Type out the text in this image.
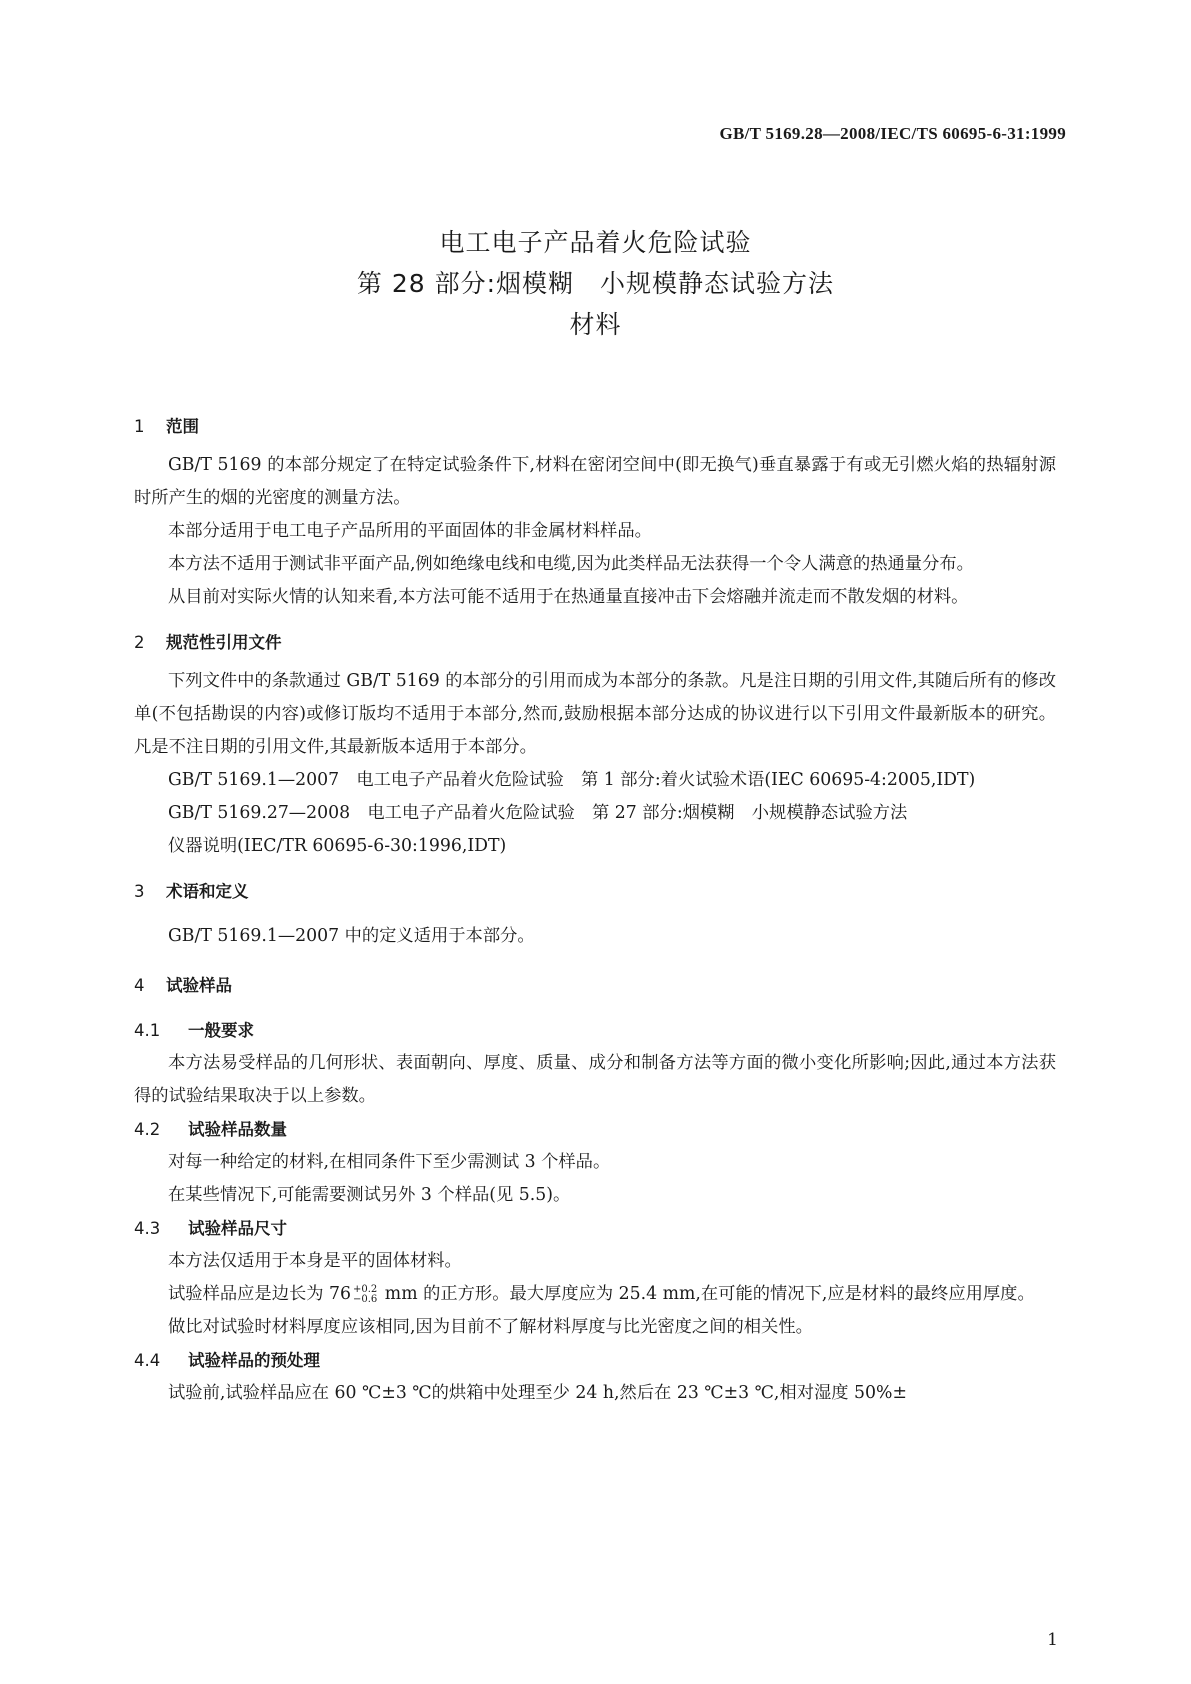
GB/T 5169.28—2008/IEC/TS 60695-6-31:1999
电工电子产品着火危险试验
第 28 部分:烟模糊　小规模静态试验方法
材料
1 范围
GB/T 5169 的本部分规定了在特定试验条件下,材料在密闭空间中(即无换气)垂直暴露于有或无引燃火焰的热辐射源时所产生的烟的光密度的测量方法。
本部分适用于电工电子产品所用的平面固体的非金属材料样品。
本方法不适用于测试非平面产品,例如绝缘电线和电缆,因为此类样品无法获得一个令人满意的热通量分布。
从目前对实际火情的认知来看,本方法可能不适用于在热通量直接冲击下会熔融并流走而不散发烟的材料。
2 规范性引用文件
下列文件中的条款通过 GB/T 5169 的本部分的引用而成为本部分的条款。凡是注日期的引用文件,其随后所有的修改单(不包括勘误的内容)或修订版均不适用于本部分,然而,鼓励根据本部分达成的协议进行以下引用文件最新版本的研究。凡是不注日期的引用文件,其最新版本适用于本部分。
GB/T 5169.1—2007　电工电子产品着火危险试验　第 1 部分:着火试验术语(IEC 60695-4:2005,IDT)
GB/T 5169.27—2008　电工电子产品着火危险试验　第 27 部分:烟模糊　小规模静态试验方法
仪器说明(IEC/TR 60695-6-30:1996,IDT)
3 术语和定义
GB/T 5169.1—2007 中的定义适用于本部分。
4 试验样品
4.1 一般要求
本方法易受样品的几何形状、表面朝向、厚度、质量、成分和制备方法等方面的微小变化所影响;因此,通过本方法获得的试验结果取决于以上参数。
4.2 试验样品数量
对每一种给定的材料,在相同条件下至少需测试 3 个样品。
在某些情况下,可能需要测试另外 3 个样品(见 5.5)。
4.3 试验样品尺寸
本方法仅适用于本身是平的固体材料。
试验样品应是边长为 76 +0.2
−0.6 mm 的正方形。最大厚度应为 25.4 mm,在可能的情况下,应是材料的最终应用厚度。
做比对试验时材料厚度应该相同,因为目前不了解材料厚度与比光密度之间的相关性。
4.4 试验样品的预处理
试验前,试验样品应在 60 ℃±3 ℃的烘箱中处理至少 24 h,然后在 23 ℃±3 ℃,相对湿度 50%±
1
